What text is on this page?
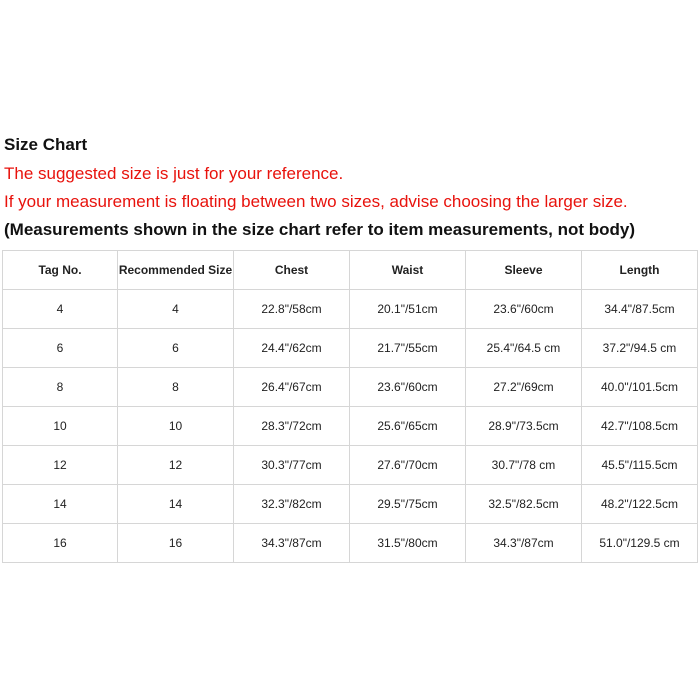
Size Chart
The suggested size is just for your reference.
If your measurement is floating between two sizes, advise choosing the larger size.
(Measurements shown in the size chart refer to item measurements, not body)
Tag No.	Recommended Size	Chest	Waist	Sleeve	Length
4	4	22.8"/58cm	20.1"/51cm	23.6"/60cm	34.4"/87.5cm
6	6	24.4"/62cm	21.7"/55cm	25.4"/64.5 cm	37.2"/94.5 cm
8	8	26.4"/67cm	23.6"/60cm	27.2"/69cm	40.0"/101.5cm
10	10	28.3"/72cm	25.6"/65cm	28.9"/73.5cm	42.7"/108.5cm
12	12	30.3"/77cm	27.6"/70cm	30.7"/78 cm	45.5"/115.5cm
14	14	32.3"/82cm	29.5"/75cm	32.5"/82.5cm	48.2"/122.5cm
16	16	34.3"/87cm	31.5"/80cm	34.3"/87cm	51.0"/129.5 cm
